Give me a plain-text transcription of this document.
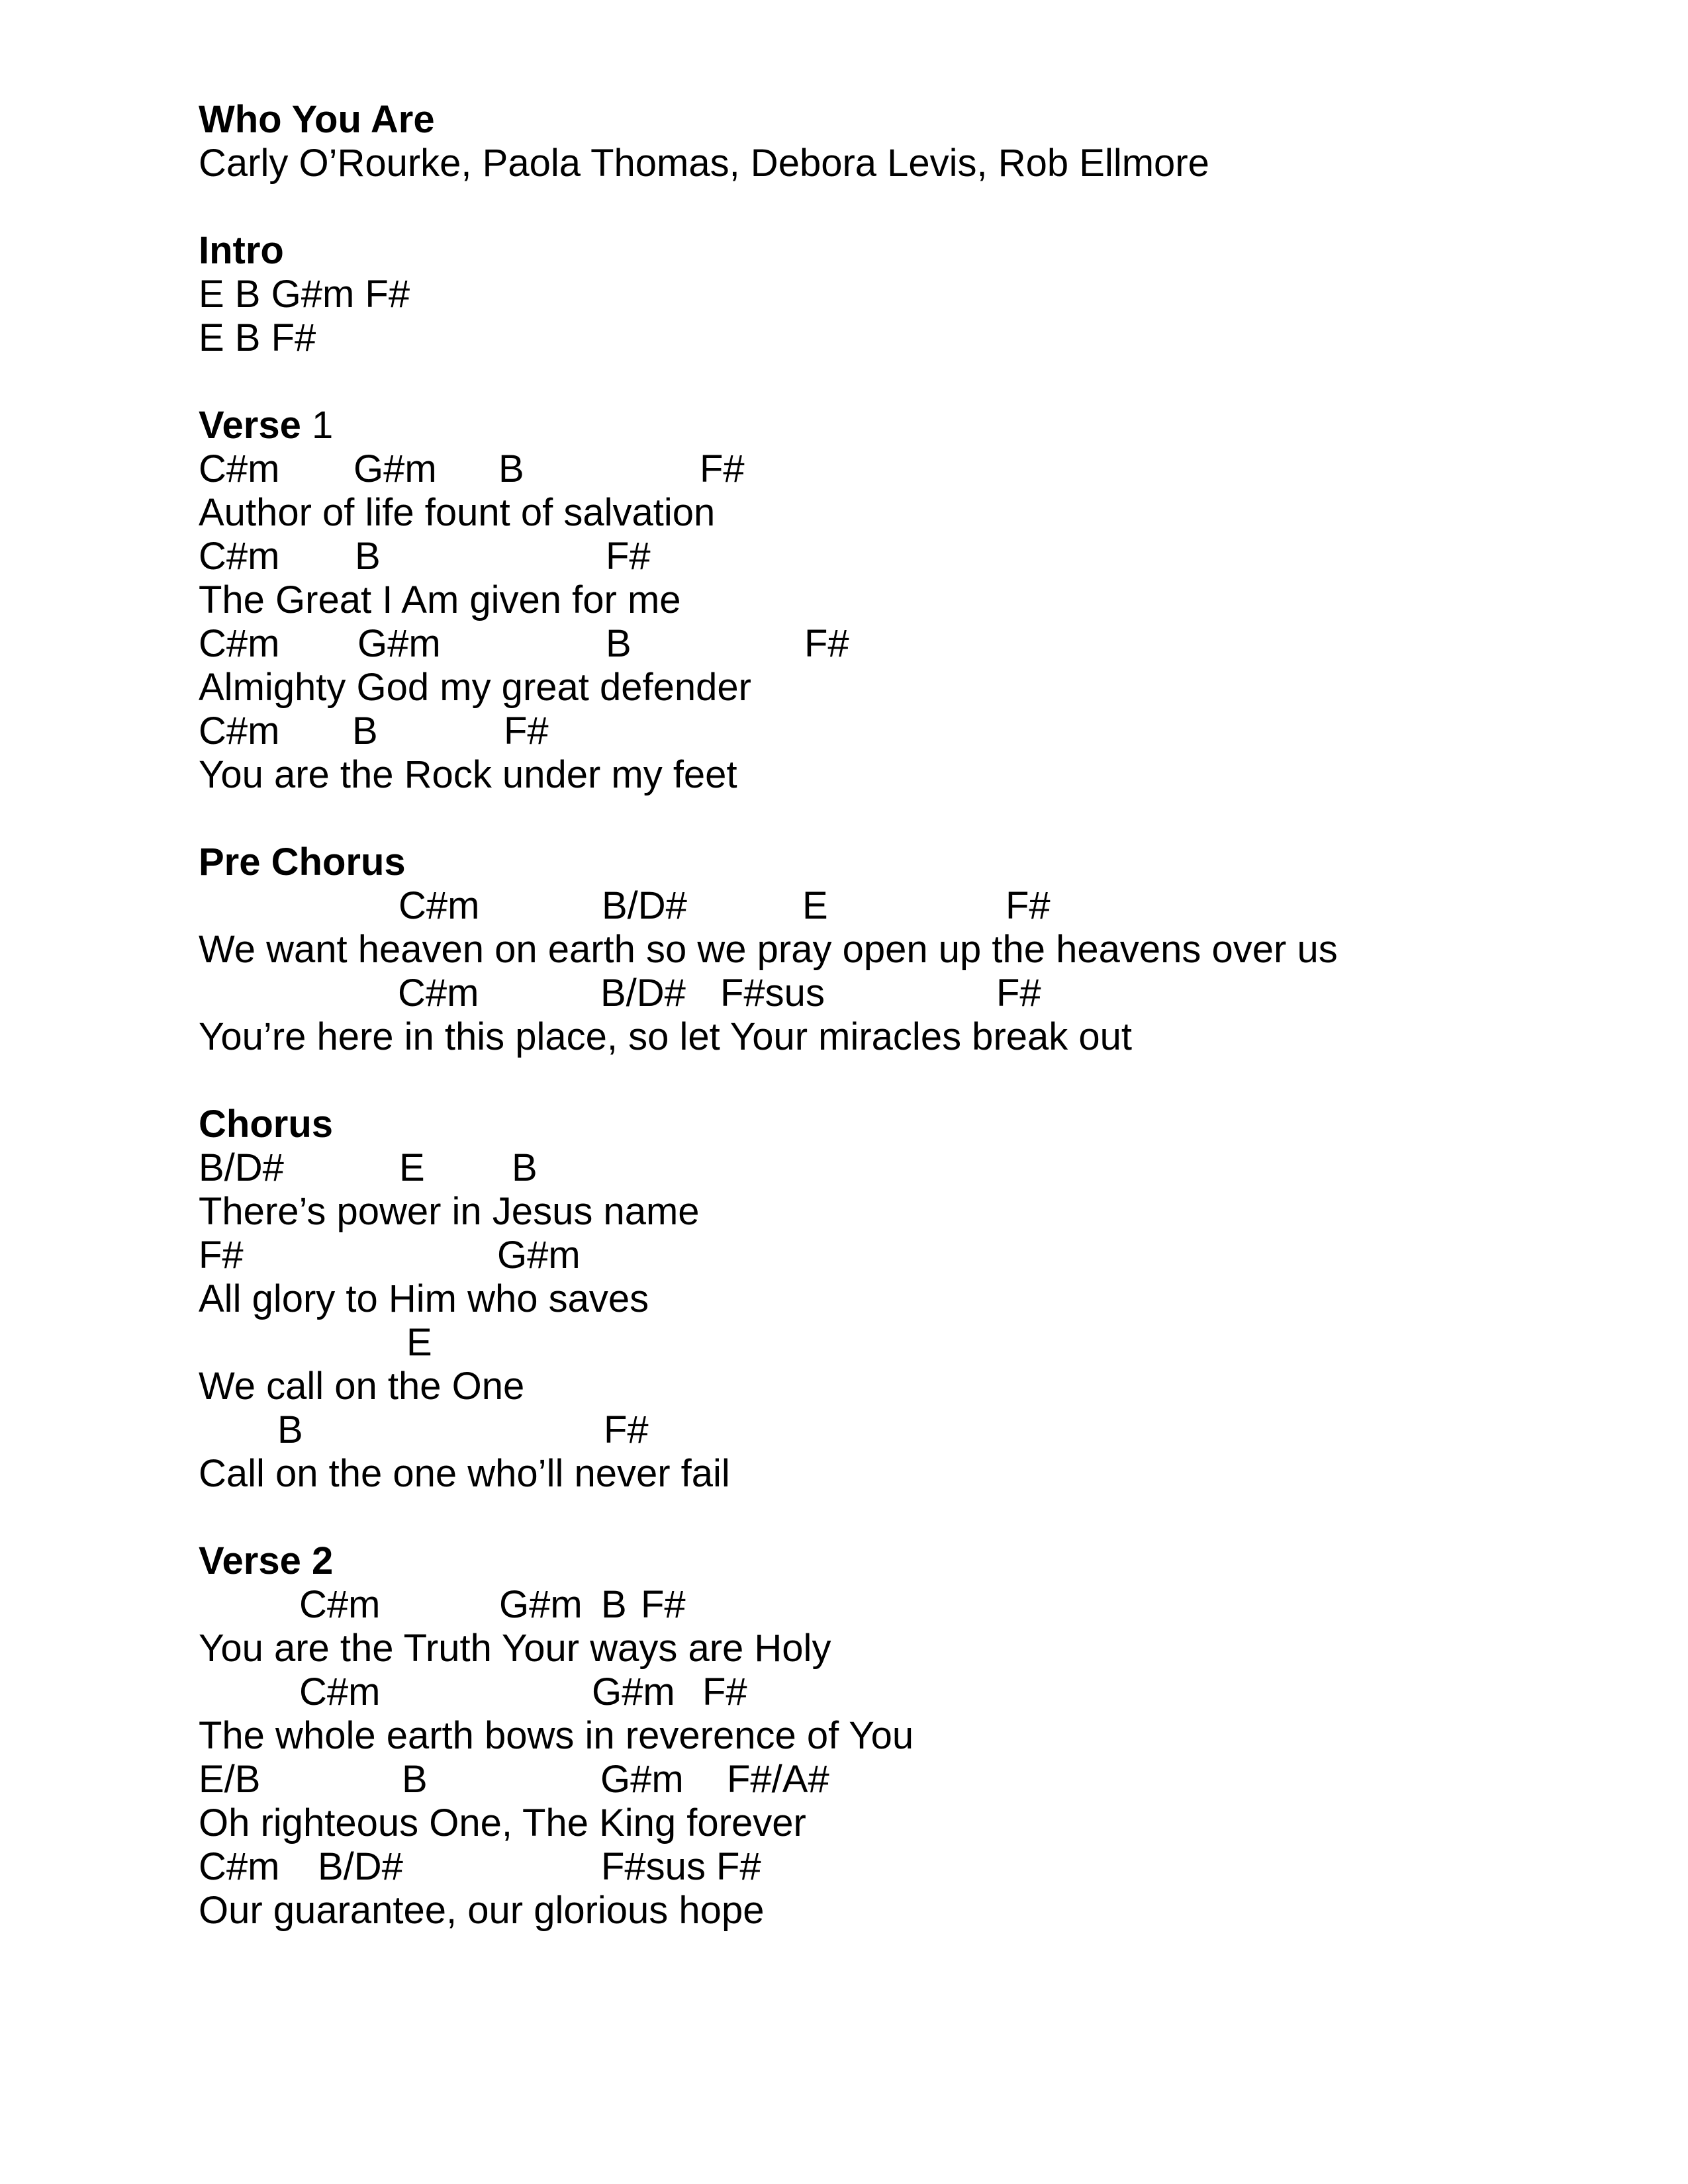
Who You Are
Carly O’Rourke, Paola Thomas, Debora Levis, Rob Ellmore
Intro
E B G#m F#
E B F#
Verse 1
C#m G#m B	F#
Author of life fount of salvation
C#m B	F#
The Great I Am given for me
C#m G#m	B	F#
Almighty God my great defender
C#m B	F#
You are the Rock under my feet
Pre Chorus
C#m	B/D#	E	F#
We want heaven on earth so we pray open up the heavens over us
C#m	B/D# F#sus	F#
You’re here in this place, so let Your miracles break out
Chorus
B/D#	E B
There’s power in Jesus name
F#	G#m
All glory to Him who saves
E
We call on the One
B	F#
Call on the one who’ll never fail
Verse 2
C#m	G#m B F#
You are the Truth Your ways are Holy
C#m	G#m F#
The whole earth bows in reverence of You
E/B	B	G#m F#/A#
Oh righteous One, The King forever
C#m B/D#	F#sus F#
Our guarantee, our glorious hope
